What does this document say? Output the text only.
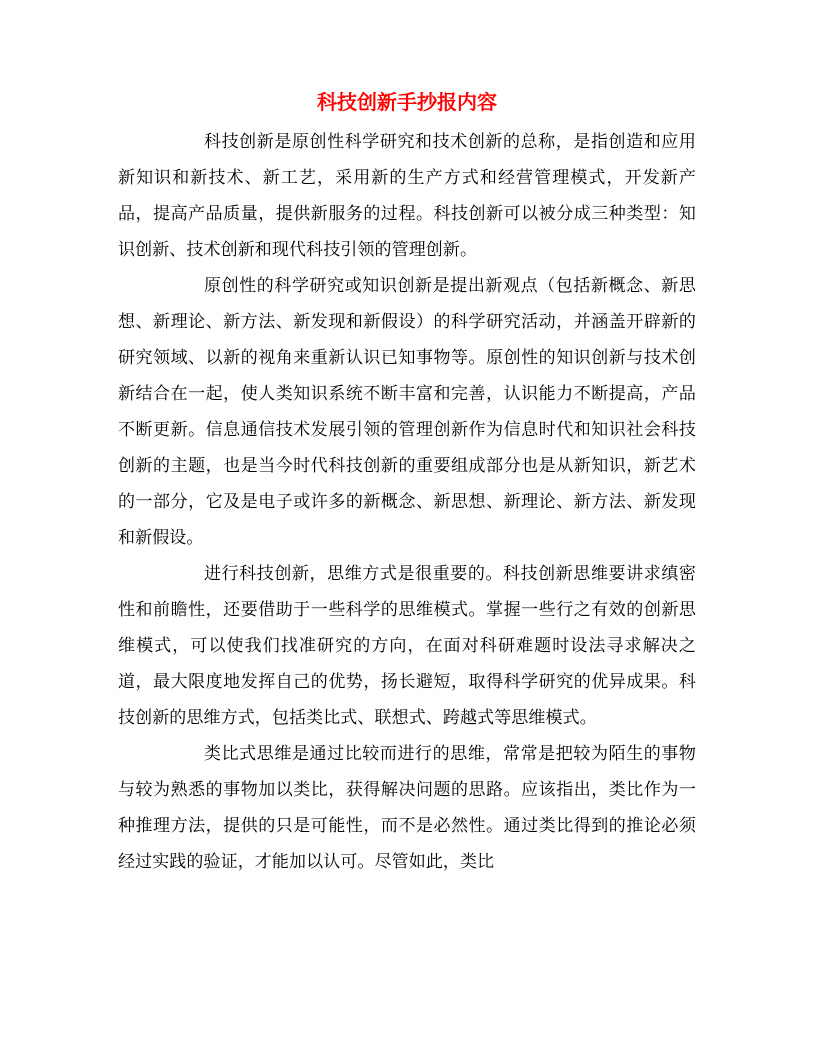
科技创新手抄报内容

科技创新是原创性科学研究和技术创新的总称，是指创造和应用新知识和新技术、新工艺，采用新的生产方式和经营管理模式，开发新产品，提高产品质量，提供新服务的过程。科技创新可以被分成三种类型：知识创新、技术创新和现代科技引领的管理创新。

原创性的科学研究或知识创新是提出新观点（包括新概念、新思想、新理论、新方法、新发现和新假设）的科学研究活动，并涵盖开辟新的研究领域、以新的视角来重新认识已知事物等。原创性的知识创新与技术创新结合在一起，使人类知识系统不断丰富和完善，认识能力不断提高，产品不断更新。信息通信技术发展引领的管理创新作为信息时代和知识社会科技创新的主题，也是当今时代科技创新的重要组成部分也是从新知识，新艺术的一部分，它及是电子或许多的新概念、新思想、新理论、新方法、新发现和新假设。

进行科技创新，思维方式是很重要的。科技创新思维要讲求缜密性和前瞻性，还要借助于一些科学的思维模式。掌握一些行之有效的创新思维模式，可以使我们找准研究的方向，在面对科研难题时设法寻求解决之道，最大限度地发挥自己的优势，扬长避短，取得科学研究的优异成果。科技创新的思维方式，包括类比式、联想式、跨越式等思维模式。

类比式思维是通过比较而进行的思维，常常是把较为陌生的事物与较为熟悉的事物加以类比，获得解决问题的思路。应该指出，类比作为一种推理方法，提供的只是可能性，而不是必然性。通过类比得到的推论必须经过实践的验证，才能加以认可。尽管如此，类比
